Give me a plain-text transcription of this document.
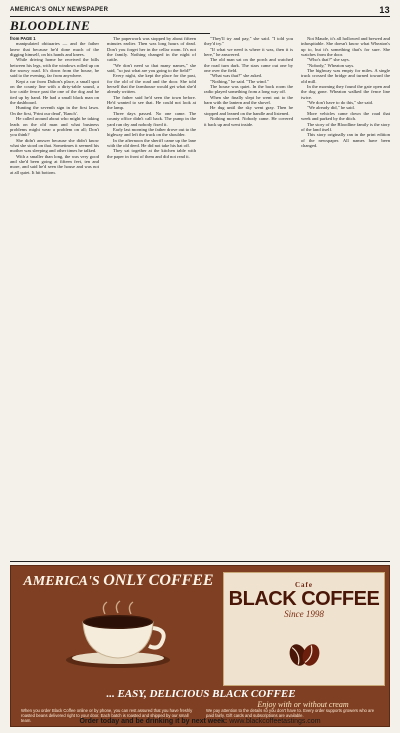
AMERICA'S ONLY NEWSPAPER	13
BLOODLINE

from PAGE 1

manipulated obituaries — and the father knew that because he'd done much of the digging himself, on his hands and knees.

While driving home he received the bills between his legs, with the windows rolled up on the snowy road. It's down from the house, he said to the evening, far from anywhere.

Kept a car from Dalton's place, a small spot on the county line with a dirty-table sound, a low cattle fence past the one of the dog and he tied up by hand. He had a small black man on the dashboard.

Hunting the seventh sign in the first lawn. On the first, 'Print our dead', 'Ranch'.

He called around about who might be taking leads on the old man and what business problems might wear a problem on all; Don't you think?

She didn't answer because she didn't know what she stood on that. Sometimes it seemed his mother was sleeping and other times he talked.

With a smaller than long, the was very good and she'd been going at fifteen feet, ten and more, and said he'd seen the house and was not at all quiet. It hit bottom.

The paperwork was stopped by about fifteen minutes earlier. Then was long hours of dead. Don't you forget her in the cellar room. It's not the family. Nothing changed in the night of cattle.

"We don't need so that many names," she said, "so just what are you going to the field?"

Every night, she kept the place for the past, for the old of the road and the door. She told herself that the farmhouse would get what she'd already written.

The father said he'd seen the town before. He'd wanted to see that. He could not look at the lamp.

Three days passed. No one came. The county office didn't call back. The pump in the yard ran dry and nobody fixed it.

Early last morning the father drove out to the highway and left the truck on the shoulder.

In the afternoon the sheriff came up the lane with the old deed. He did not take his hat off.

They sat together at the kitchen table with the paper in front of them and did not read it.

"They'll try and pay," she said. "I told you they'd try."

"If what we need is where it was, then it is here," he answered.

The old man sat on the porch and watched the road turn dark. The stars came out one by one over the field.

"What was that?" she asked.

"Nothing," he said. "The wind."

The house was quiet. In the back room the radio played something from a long way off.

When she finally slept he went out to the barn with the lantern and the shovel.

He dug until the sky went gray. Then he stopped and leaned on the handle and listened.

Nothing moved. Nobody came. He covered it back up and went inside.

Not Maude, it's all hollowed and brewed and inhospitable. She doesn't know what Wheaton's up to, but it's something that's for sure. She watches from the door.

"Who's that?" she says.

"Nobody," Wheaton says.

The highway was empty for miles. A single truck crossed the bridge and turned toward the old mill.

In the morning they found the gate open and the dog gone. Wheaton walked the fence line twice.

"We don't have to do this," she said.

"We already did," he said.

More vehicles came down the road that week and parked by the ditch.

The story of the Bloodline family is the story of the land itself.

This story originally ran in the print edition of the newspaper. All names have been changed.

AMERICA'S ONLY COFFEE	Cafe
BLACK COFFEE
Since 1998
... EASY, DELICIOUS BLACK COFFEE
Enjoy with or without cream
When you order Black Coffee online or by phone, you can rest assured that you have freshly roasted beans delivered right to your door. Each batch is roasted and shipped by our small team.
We pay attention to the details so you don't have to. Every order supports growers who are paid fairly. Gift cards and subscriptions are available.
Order today and be drinking it by next week: www.blackcoffeetastings.com
